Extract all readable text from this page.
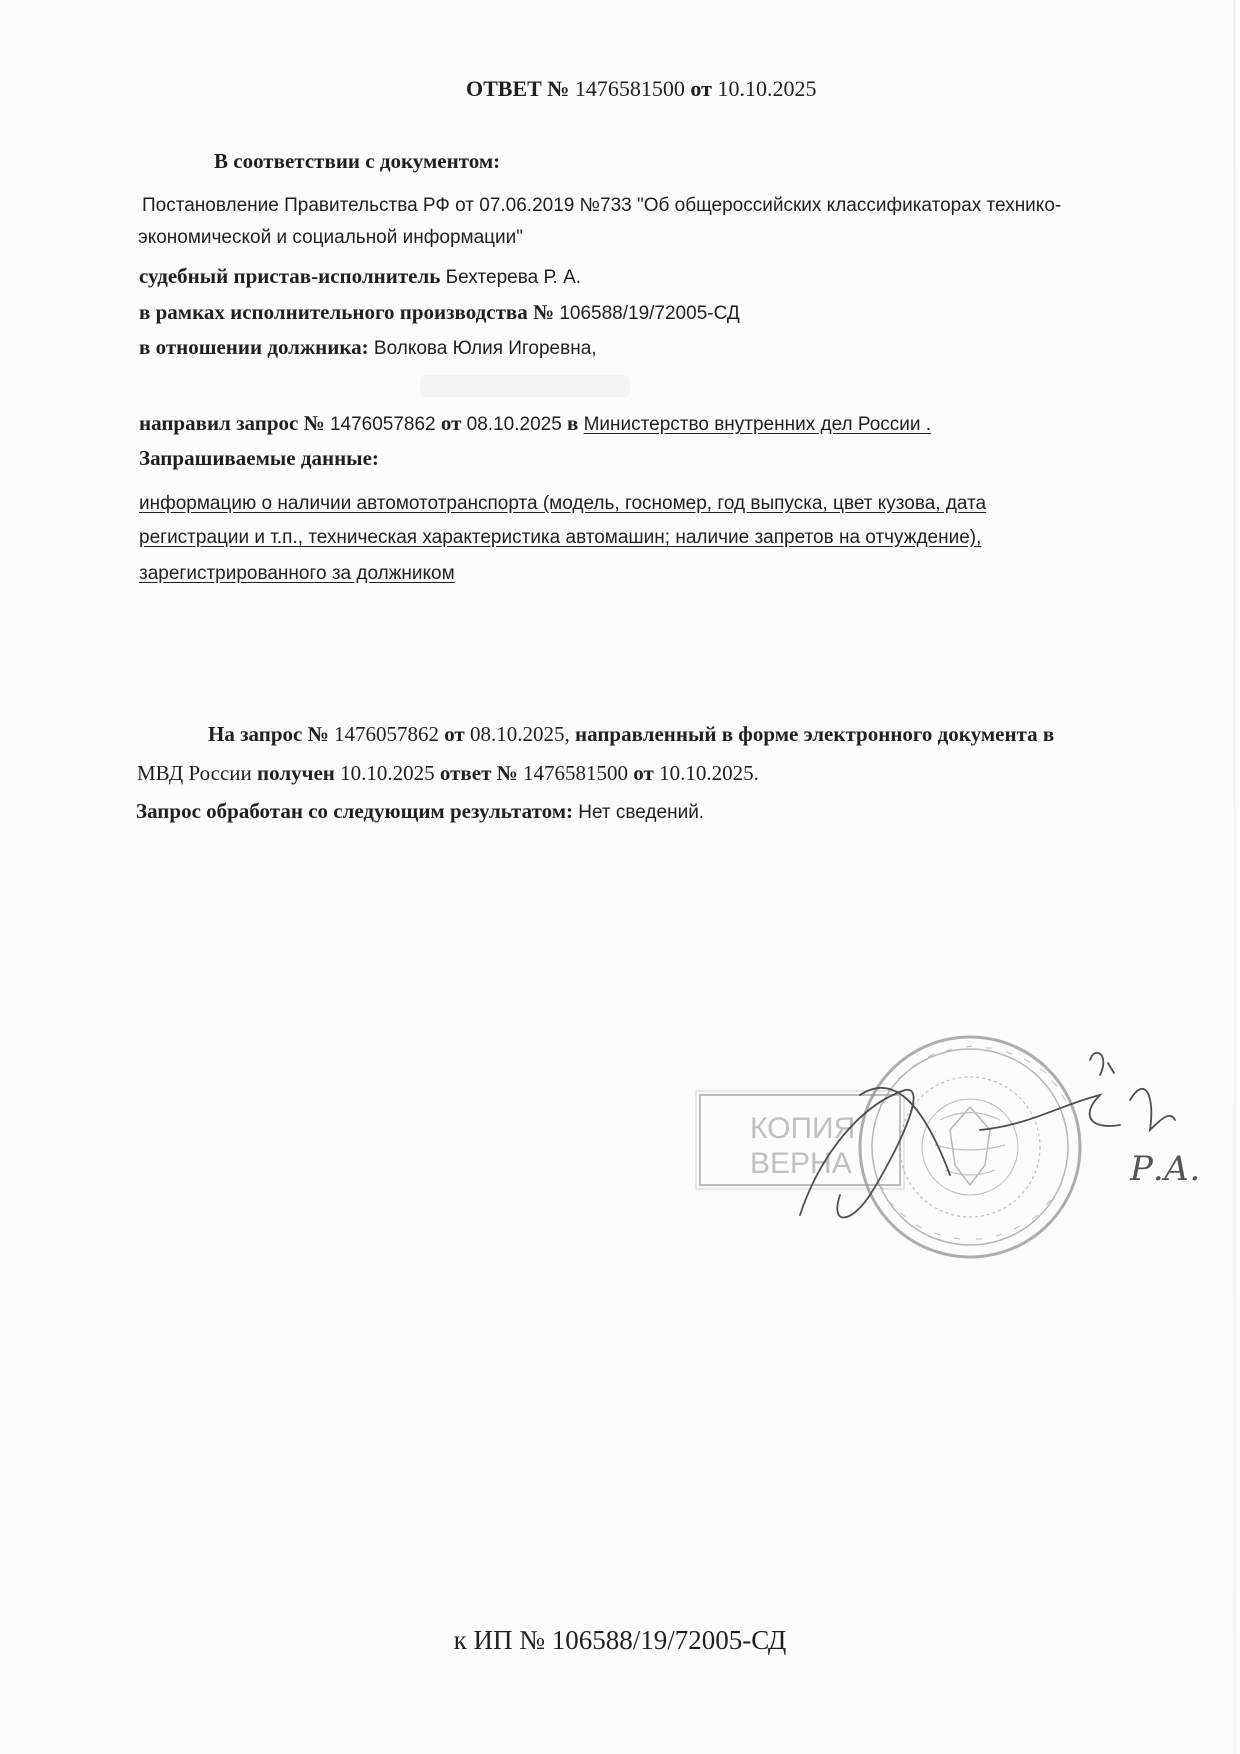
ОТВЕТ № 1476581500 от 10.10.2025
В соответствии с документом:
Постановление Правительства РФ от 07.06.2019 №733 "Об общероссийских классификаторах технико-
экономической и социальной информации"
судебный пристав-исполнитель Бехтерева Р. А.
в рамках исполнительного производства № 106588/19/72005-СД
в отношении должника: Волкова Юлия Игоревна,
направил запрос № 1476057862 от 08.10.2025 в Министерство внутренних дел России .
Запрашиваемые данные:
информацию о наличии автомототранспорта (модель, госномер, год выпуска, цвет кузова, дата
регистрации и т.п., техническая характеристика автомашин; наличие запретов на отчуждение),
зарегистрированного за должником
На запрос № 1476057862 от 08.10.2025, направленный в форме электронного документа в
МВД России получен 10.10.2025 ответ № 1476581500 от 10.10.2025.
Запрос обработан со следующим результатом: Нет сведений.
КОПИЯ
ВЕРНА	Р.А.
к ИП № 106588/19/72005-СД
